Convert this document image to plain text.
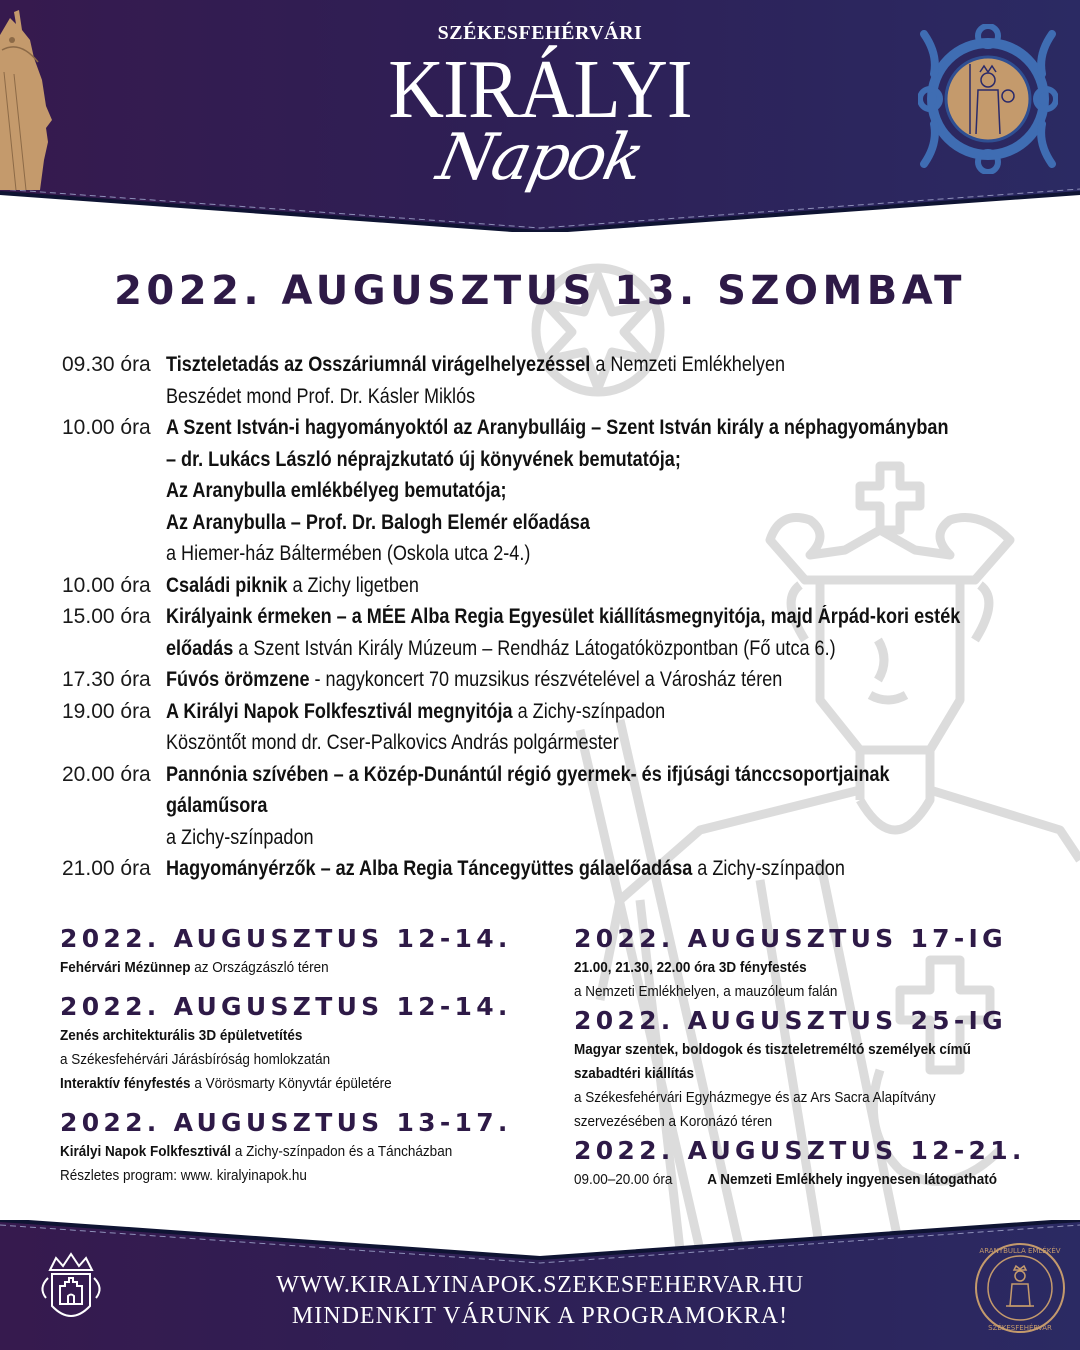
SZÉKESFEHÉRVÁRI
KIRÁLYI
Napok
2022. AUGUSZTUS 13. SZOMBAT
09.30 óra Tiszteletadás az Osszáriumnál virágelhelyezéssel a Nemzeti Emlékhelyen
Beszédet mond Prof. Dr. Kásler Miklós
10.00 óra A Szent István-i hagyományoktól az Aranybulláig – Szent István király a néphagyományban
– dr. Lukács László néprajzkutató új könyvének bemutatója;
Az Aranybulla emlékbélyeg bemutatója;
Az Aranybulla – Prof. Dr. Balogh Elemér előadása
a Hiemer-ház Báltermében (Oskola utca 2-4.)
10.00 óra Családi piknik a Zichy ligetben
15.00 óra Királyaink érmeken – a MÉE Alba Regia Egyesület kiállításmegnyitója, majd Árpád-kori esték
előadás a Szent István Király Múzeum – Rendház Látogatóközpontban (Fő utca 6.)
17.30 óra Fúvós örömzene - nagykoncert 70 muzsikus részvételével a Városház téren
19.00 óra A Királyi Napok Folkfesztivál megnyitója a Zichy-színpadon
Köszöntőt mond dr. Cser-Palkovics András polgármester
20.00 óra Pannónia szívében – a Közép-Dunántúl régió gyermek- és ifjúsági tánccsoportjainak
gálaműsora
a Zichy-színpadon
21.00 óra Hagyományérzők – az Alba Regia Táncegyüttes gálaelőadása a Zichy-színpadon
2022. AUGUSZTUS 12-14.
Fehérvári Mézünnep az Országzászló téren
2022. AUGUSZTUS 12-14.
Zenés architekturális 3D épületvetítés
a Székesfehérvári Járásbíróság homlokzatán
Interaktív fényfestés a Vörösmarty Könyvtár épületére
2022. AUGUSZTUS 13-17.
Királyi Napok Folkfesztivál a Zichy-színpadon és a Táncházban
Részletes program: www. kiralyinapok.hu
2022. AUGUSZTUS 17-IG
21.00, 21.30, 22.00 óra 3D fényfestés
a Nemzeti Emlékhelyen, a mauzóleum falán
2022. AUGUSZTUS 25-IG
Magyar szentek, boldogok és tiszteletreméltó személyek című
szabadtéri kiállítás
a Székesfehérvári Egyházmegye és az Ars Sacra Alapítvány
szervezésében a Koronázó téren
2022. AUGUSZTUS 12-21.
09.00–20.00 óra A Nemzeti Emlékhely ingyenesen látogatható
WWW.KIRALYINAPOK.SZEKESFEHERVAR.HU
MINDENKIT VÁRUNK A PROGRAMOKRA!
ARANYBULLA EMLÉKÉV
SZÉKESFEHÉRVÁR
